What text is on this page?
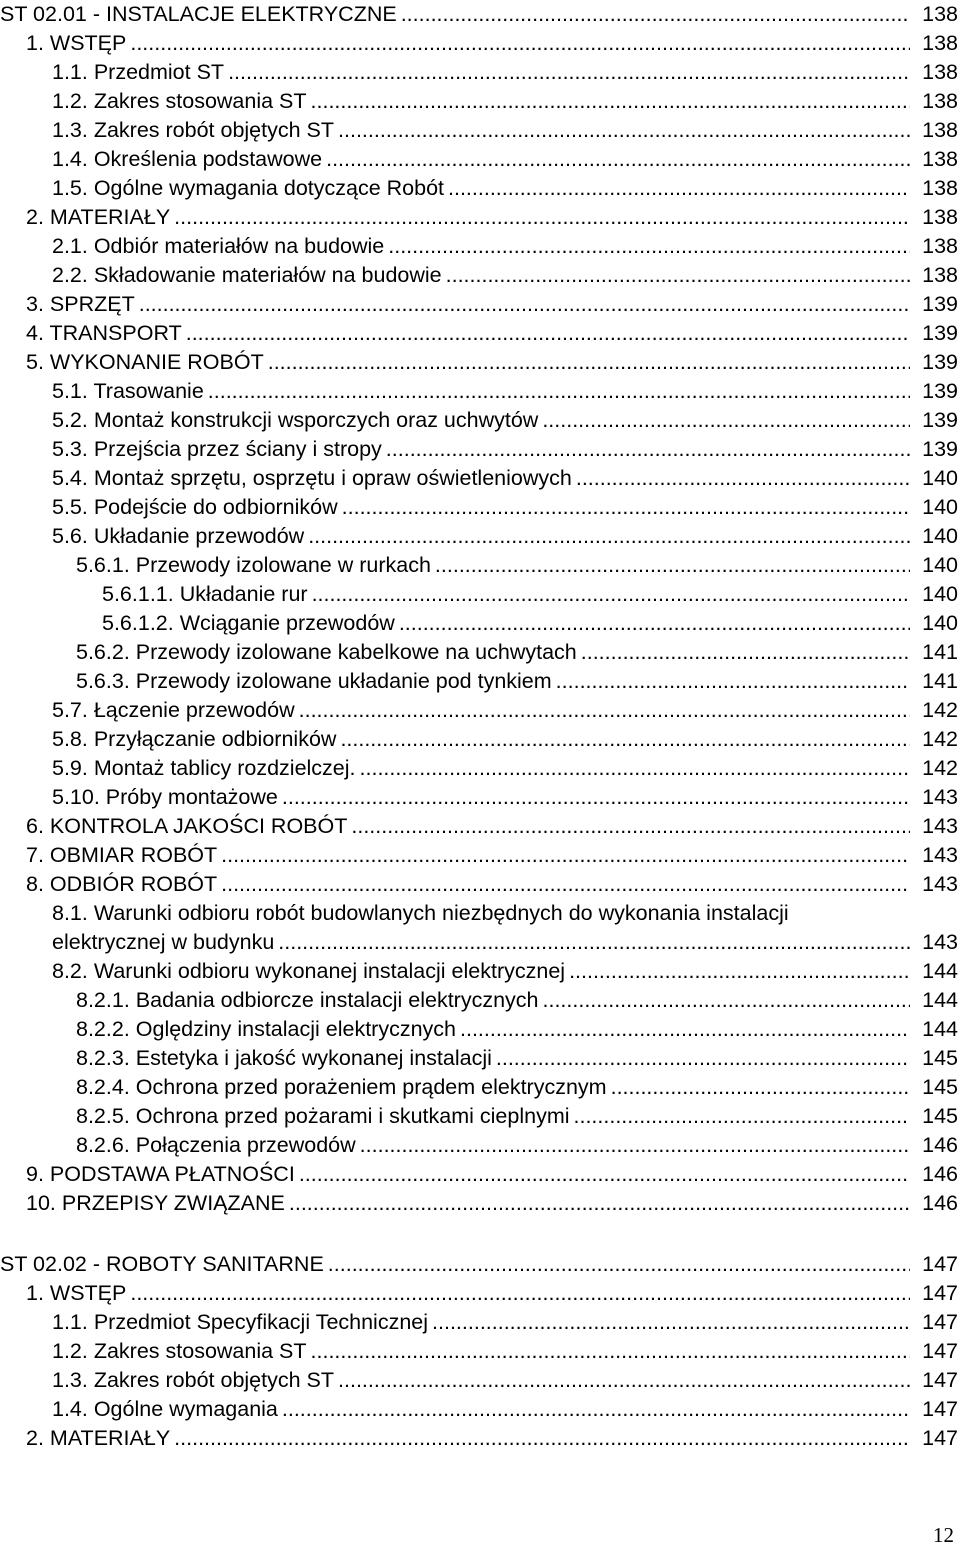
ST 02.01 - INSTALACJE ELEKTRYCZNE .....	138
1. WSTĘP .....	138
1.1. Przedmiot ST .....	138
1.2. Zakres stosowania ST .....	138
1.3. Zakres robót objętych ST .....	138
1.4. Określenia podstawowe .....	138
1.5. Ogólne wymagania dotyczące Robót .....	138
2. MATERIAŁY .....	138
2.1. Odbiór materiałów na budowie .....	138
2.2. Składowanie materiałów na budowie .....	138
3. SPRZĘT .....	139
4. TRANSPORT .....	139
5. WYKONANIE ROBÓT .....	139
5.1. Trasowanie .....	139
5.2. Montaż konstrukcji wsporczych oraz uchwytów .....	139
5.3. Przejścia przez ściany i stropy .....	139
5.4. Montaż sprzętu, osprzętu i opraw oświetleniowych .....	140
5.5. Podejście do odbiorników .....	140
5.6. Układanie przewodów .....	140
5.6.1. Przewody izolowane w rurkach .....	140
5.6.1.1. Układanie rur .....	140
5.6.1.2. Wciąganie przewodów .....	140
5.6.2. Przewody izolowane kabelkowe na uchwytach .....	141
5.6.3. Przewody izolowane układanie pod tynkiem .....	141
5.7. Łączenie przewodów .....	142
5.8. Przyłączanie odbiorników .....	142
5.9. Montaż tablicy rozdzielczej. .....	142
5.10. Próby montażowe .....	143
6. KONTROLA JAKOŚCI ROBÓT .....	143
7. OBMIAR ROBÓT .....	143
8. ODBIÓR ROBÓT .....	143
8.1. Warunki odbioru robót budowlanych niezbędnych do wykonania instalacji
elektrycznej w budynku .....	143
8.2. Warunki odbioru wykonanej instalacji elektrycznej .....	144
8.2.1. Badania odbiorcze instalacji elektrycznych .....	144
8.2.2. Oględziny instalacji elektrycznych .....	144
8.2.3. Estetyka i jakość wykonanej instalacji .....	145
8.2.4. Ochrona przed porażeniem prądem elektrycznym .....	145
8.2.5. Ochrona przed pożarami i skutkami cieplnymi .....	145
8.2.6. Połączenia przewodów .....	146
9. PODSTAWA PŁATNOŚCI .....	146
10. PRZEPISY ZWIĄZANE .....	146
ST 02.02 - ROBOTY SANITARNE .....	147
1. WSTĘP .....	147
1.1. Przedmiot Specyfikacji Technicznej .....	147
1.2. Zakres stosowania ST .....	147
1.3. Zakres robót objętych ST .....	147
1.4. Ogólne wymagania .....	147
2. MATERIAŁY .....	147
12
